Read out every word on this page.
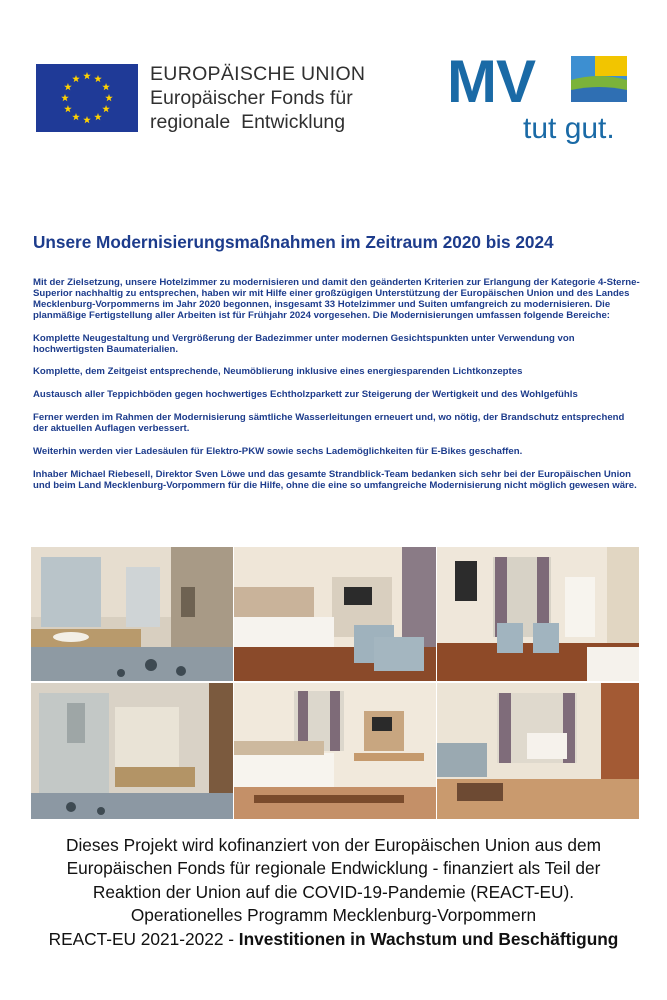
EUROPÄISCHE UNION
Europäischer Fonds für
regionale  Entwicklung
MV
tut gut.
Unsere Modernisierungsmaßnahmen im Zeitraum 2020 bis 2024

Mit der Zielsetzung, unsere Hotelzimmer zu modernisieren und damit den geänderten Kriterien zur Erlangung der Kategorie 4-Sterne-Superior nachhaltig zu entsprechen, haben wir mit Hilfe einer großzügigen Unterstützung der Europäischen Union und des Landes Mecklenburg-Vorpommerns im Jahr 2020 begonnen, insgesamt 33 Hotelzimmer und Suiten umfangreich zu modernisieren. Die planmäßige Fertigstellung aller Arbeiten ist für Frühjahr 2024 vorgesehen. Die Modernisierungen umfassen folgende Bereiche:

Komplette Neugestaltung und Vergrößerung der Badezimmer unter modernen Gesichtspunkten unter Verwendung von hochwertigsten Baumaterialien.

Komplette, dem Zeitgeist entsprechende, Neumöblierung inklusive eines energiesparenden Lichtkonzeptes

Austausch aller Teppichböden gegen hochwertiges Echtholzparkett zur Steigerung der Wertigkeit und des Wohlgefühls

Ferner werden im Rahmen der Modernisierung sämtliche Wasserleitungen erneuert und, wo nötig, der Brandschutz entsprechend der aktuellen Auflagen verbessert.

Weiterhin werden vier Ladesäulen für Elektro-PKW sowie sechs Lademöglichkeiten für E-Bikes geschaffen.

Inhaber Michael Riebesell, Direktor Sven Löwe und das gesamte Strandblick-Team bedanken sich sehr bei der Europäischen Union und beim Land Mecklenburg-Vorpommern für die Hilfe, ohne die eine so umfangreiche Modernisierung nicht möglich gewesen wäre.

Dieses Projekt wird kofinanziert von der Europäischen Union aus dem
Europäischen Fonds für regionale Endwicklung - finanziert als Teil der
Reaktion der Union auf die COVID-19-Pandemie (REACT-EU).
Operationelles Programm Mecklenburg-Vorpommern
REACT-EU 2021-2022 - Investitionen in Wachstum und Beschäftigung
